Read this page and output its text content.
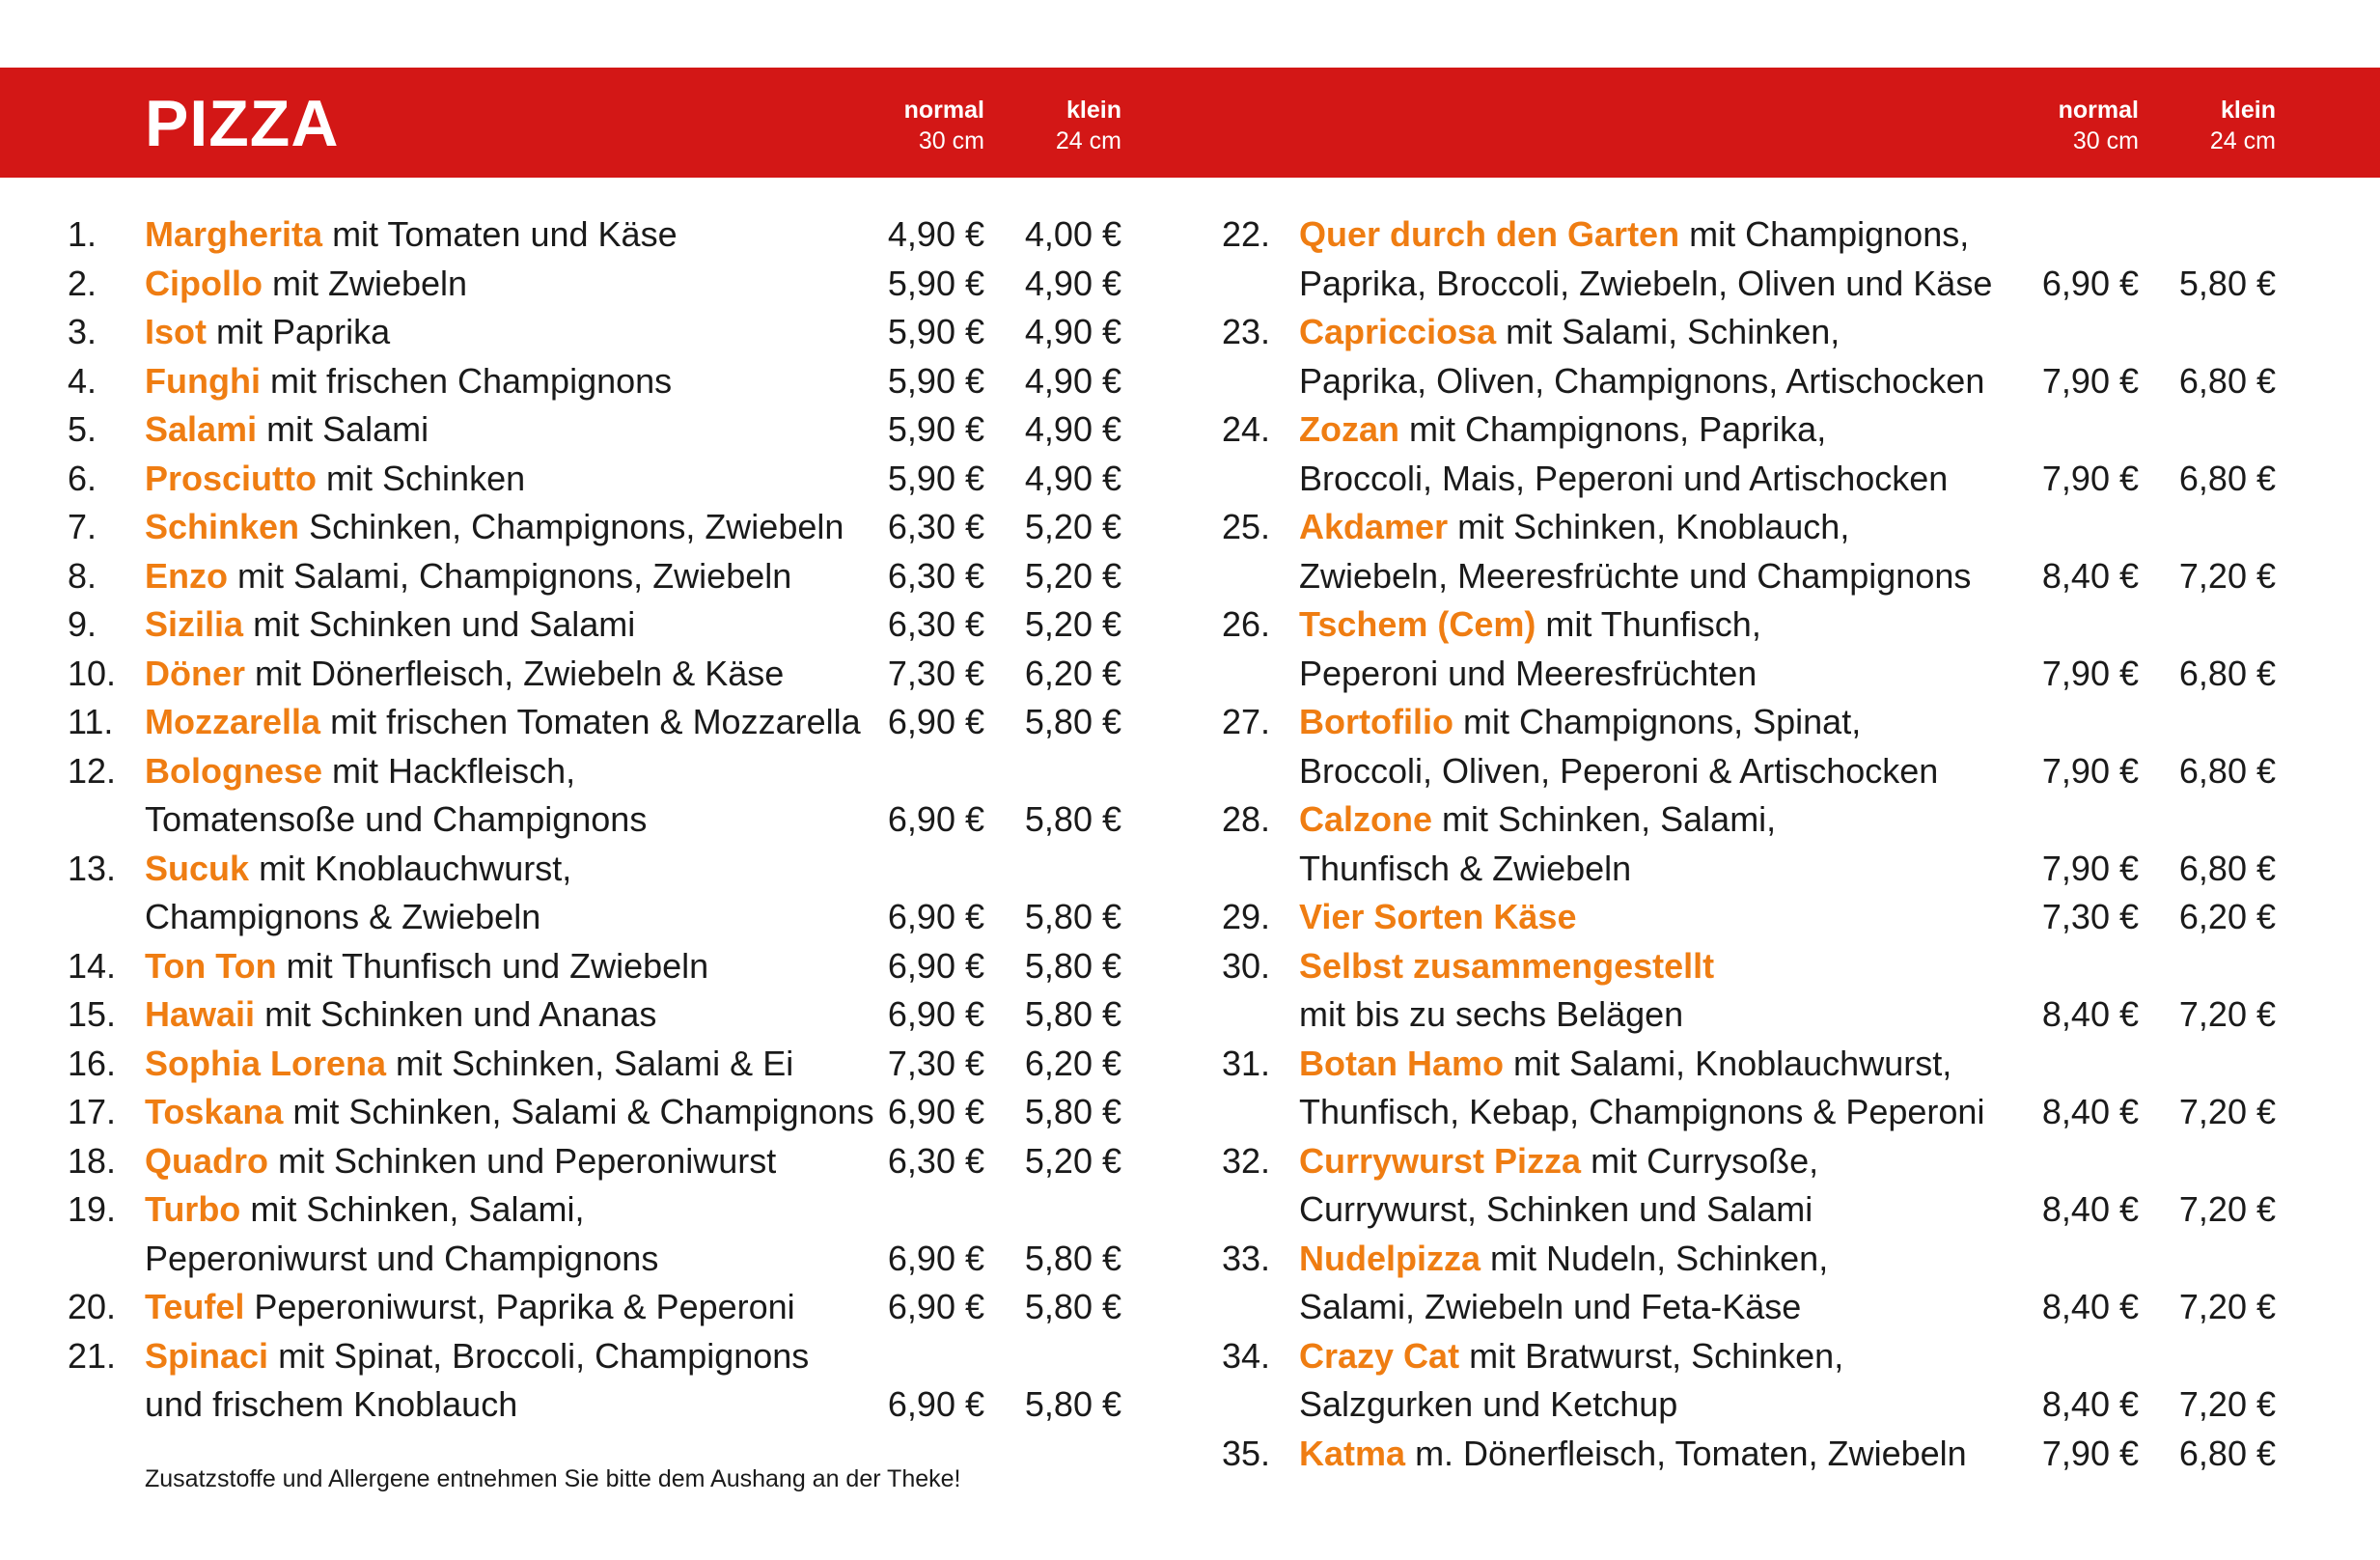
PIZZA	normal
30 cm
klein
24 cm
normal
30 cm
klein
24 cm
1. Margherita mit Tomaten und Käse	4,90 €	4,00 €
2. Cipollo mit Zwiebeln	5,90 €	4,90 €
3. Isot mit Paprika	5,90 €	4,90 €
4. Funghi mit frischen Champignons	5,90 €	4,90 €
5. Salami mit Salami	5,90 €	4,90 €
6. Prosciutto mit Schinken	5,90 €	4,90 €
7. Schinken Schinken, Champignons, Zwiebeln	6,30 €	5,20 €
8. Enzo mit Salami, Champignons, Zwiebeln	6,30 €	5,20 €
9. Sizilia mit Schinken und Salami	6,30 €	5,20 €
10. Döner mit Dönerfleisch, Zwiebeln & Käse	7,30 €	6,20 €
11. Mozzarella mit frischen Tomaten & Mozzarella 6,90 €	5,80 €
12. Bolognese mit Hackfleisch,
Tomatensoße und Champignons	6,90 €	5,80 €
13. Sucuk mit Knoblauchwurst,
Champignons & Zwiebeln	6,90 €	5,80 €
14. Ton Ton mit Thunfisch und Zwiebeln	6,90 €	5,80 €
15. Hawaii mit Schinken und Ananas	6,90 €	5,80 €
16. Sophia Lorena mit Schinken, Salami & Ei	7,30 €	6,20 €
17. Toskana mit Schinken, Salami & Champignons 6,90 €	5,80 €
18. Quadro mit Schinken und Peperoniwurst	6,30 €	5,20 €
19. Turbo mit Schinken, Salami,
Peperoniwurst und Champignons	6,90 €	5,80 €
20. Teufel Peperoniwurst, Paprika & Peperoni	6,90 €	5,80 €
21. Spinaci mit Spinat, Broccoli, Champignons
und frischem Knoblauch	6,90 €	5,80 €
22. Quer durch den Garten mit Champignons,
Paprika, Broccoli, Zwiebeln, Oliven und Käse	6,90 €	5,80 €
23. Capricciosa mit Salami, Schinken,
Paprika, Oliven, Champignons, Artischocken	7,90 €	6,80 €
24. Zozan mit Champignons, Paprika,
Broccoli, Mais, Peperoni und Artischocken	7,90 €	6,80 €
25. Akdamer mit Schinken, Knoblauch,
Zwiebeln, Meeresfrüchte und Champignons	8,40 €	7,20 €
26. Tschem (Cem) mit Thunfisch,
Peperoni und Meeresfrüchten	7,90 €	6,80 €
27. Bortofilio mit Champignons, Spinat,
Broccoli, Oliven, Peperoni & Artischocken	7,90 €	6,80 €
28. Calzone mit Schinken, Salami,
Thunfisch & Zwiebeln	7,90 €	6,80 €
29. Vier Sorten Käse	7,30 €	6,20 €
30. Selbst zusammengestellt
mit bis zu sechs Belägen	8,40 €	7,20 €
31. Botan Hamo mit Salami, Knoblauchwurst,
Thunfisch, Kebap, Champignons & Peperoni	8,40 €	7,20 €
32. Currywurst Pizza mit Currysoße,
Currywurst, Schinken und Salami	8,40 €	7,20 €
33. Nudelpizza mit Nudeln, Schinken,
Salami, Zwiebeln und Feta-Käse	8,40 €	7,20 €
34. Crazy Cat mit Bratwurst, Schinken,
Salzgurken und Ketchup	8,40 €	7,20 €
35. Katma m. Dönerfleisch, Tomaten, Zwiebeln	7,90 €	6,80 €
Zusatzstoffe und Allergene entnehmen Sie bitte dem Aushang an der Theke!
